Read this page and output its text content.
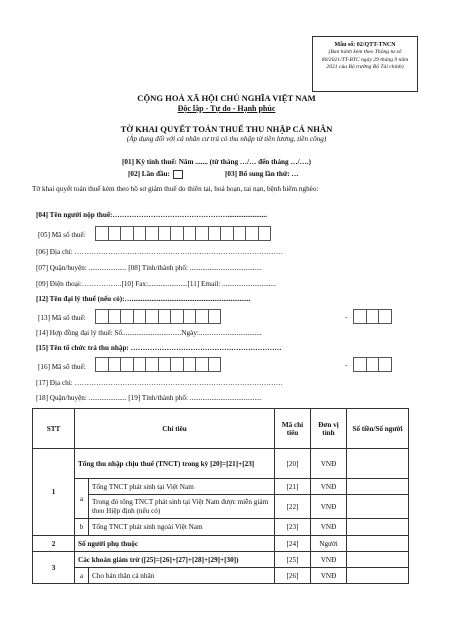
Mẫu số: 02/QTT-TNCN
(Ban hành kèm theo Thông tư số 80/2021/TT-BTC ngày 29 tháng 9 năm 2021 của Bộ trưởng Bộ Tài chính)
CỘNG HOÀ XÃ HỘI CHỦ NGHĨA VIỆT NAM
Độc lập - Tự do - Hạnh phúc
TỜ KHAI QUYẾT TOÁN THUẾ THU NHẬP CÁ NHÂN
(Áp dụng đối với cá nhân cư trú có thu nhập từ tiền lương, tiền công)
[01] Kỳ tính thuế: Năm ....... (từ tháng …/… đến tháng …/….)
[02] Lần đầu:	[03] Bổ sung lần thứ: …
Tờ khai quyết toán thuế kèm theo hồ sơ giảm thuế do thiên tai, hoả hoạn, tai nạn, bệnh hiểm nghèo:
[04] Tên người nộp thuế:…………………………………………......................
[05] Mã số thuế:
[06] Địa chỉ: ……………………………………………………………………………
[07] Quận/huyện: ..................... [08] Tỉnh/thành phố: ........................................
[09] Điện thoại:……………..[10] Fax:......................[11] Email: ..............................
[12] Tên đại lý thuế (nếu có):…..................................................................
[13] Mã số thuế:	-
[14] Hợp đồng đại lý thuế: Số.................................Ngày:...................................
[15] Tên tổ chức trả thu nhập: ………………………………………………………
[16] Mã số thuế:	-
[17] Địa chỉ: ……………………………………………………………………………
[18] Quận/huyện: ..................... [19] Tỉnh/thành phố: ........................................
STT	Chỉ tiêu		Mã chỉ tiêu	Đơn vị tính	Số tiền/Số người
1	Tổng thu nhập chịu thuế (TNCT) trong kỳ [20]=[21]+[23]		[20]	VNĐ	
	a	Tổng TNCT phát sinh tại Việt Nam	[21]	VNĐ	
		Trong đó tổng TNCT phát sinh tại Việt Nam được miễn giảm theo Hiệp định (nếu có)	[22]	VNĐ	
	b	Tổng TNCT phát sinh ngoài Việt Nam	[23]	VNĐ	
2	Số người phụ thuộc		[24]	Người	
3	Các khoản giảm trừ ([25]=[26]+[27]+[28]+[29]+[30])		[25]	VNĐ	
	a	Cho bản thân cá nhân	[26]	VNĐ	
